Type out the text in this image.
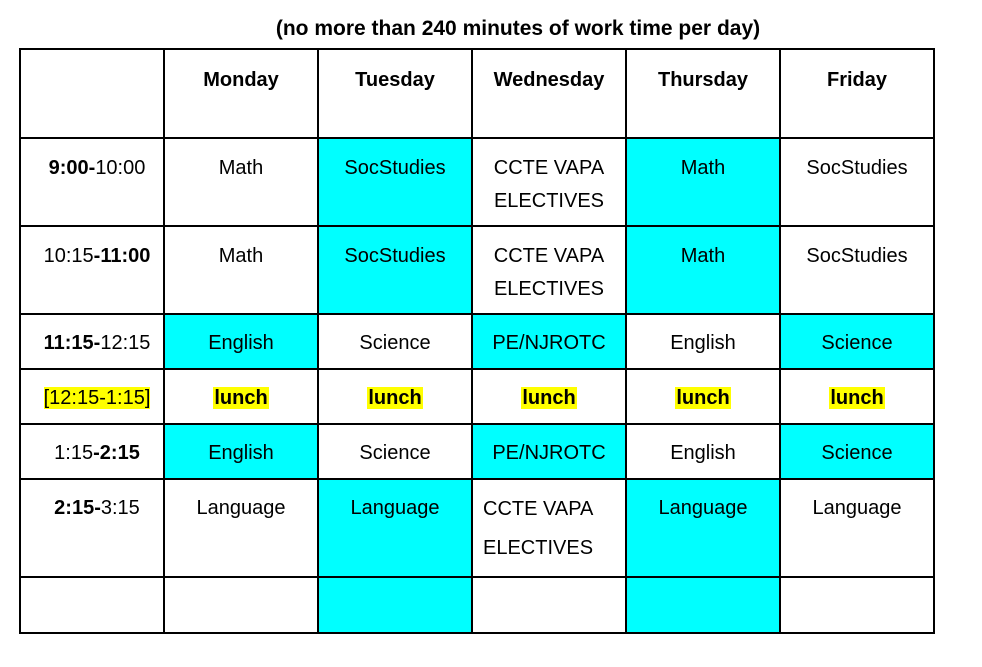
(no more than 240 minutes of work time per day)

	Monday	Tuesday	Wednesday	Thursday	Friday

9:00-10:00	Math	SocStudies	CCTE VAPA ELECTIVES	Math	SocStudies

10:15-11:00	Math	SocStudies	CCTE VAPA ELECTIVES	Math	SocStudies

11:15-12:15	English	Science	PE/NJROTC	English	Science

[12:15-1:15]	lunch	lunch	lunch	lunch	lunch

1:15-2:15	English	Science	PE/NJROTC	English	Science

2:15-3:15	Language	Language	CCTE VAPA ELECTIVES	Language	Language
